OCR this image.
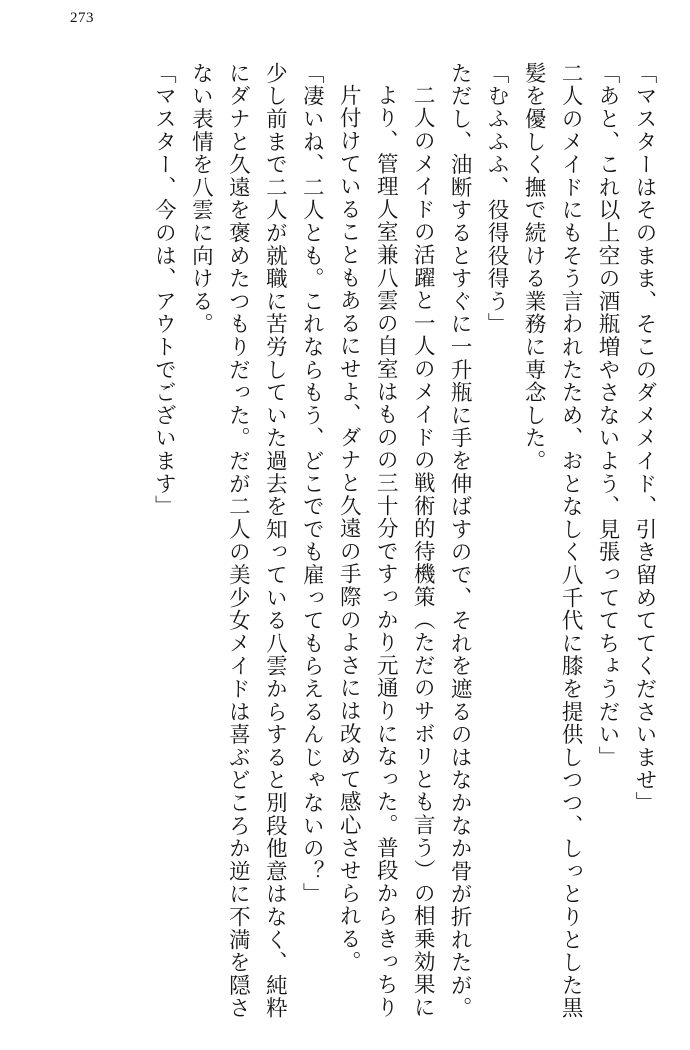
273
「マスターはそのまま、そこのダメメイド、引き留めててくださいませ」
「あと、これ以上空の酒瓶増やさないよう、見張っててちょうだい」
二人のメイドにもそう言われたため、おとなしく八千代に膝を提供しつつ、しっとりとした黒髪を優しく撫で続ける業務に専念した。
「むふふふ、役得役得う」
ただし、油断するとすぐに一升瓶に手を伸ばすので、それを遮るのはなかなか骨が折れたが。
二人のメイドの活躍と一人のメイドの戦術的待機策（ただのサボリとも言う）の相乗効果により、管理人室兼八雲の自室はものの三十分ですっかり元通りになった。普段からきっちり片付けていることもあるにせよ、ダナと久遠の手際のよさには改めて感心させられる。
「凄いね、二人とも。これならもう、どこででも雇ってもらえるんじゃないの？」
少し前まで二人が就職に苦労していた過去を知っている八雲からすると別段他意はなく、純粋にダナと久遠を褒めたつもりだった。だが二人の美少女メイドは喜ぶどころか逆に不満を隠さない表情を八雲に向ける。
「マスター、今のは、アウトでございます」
